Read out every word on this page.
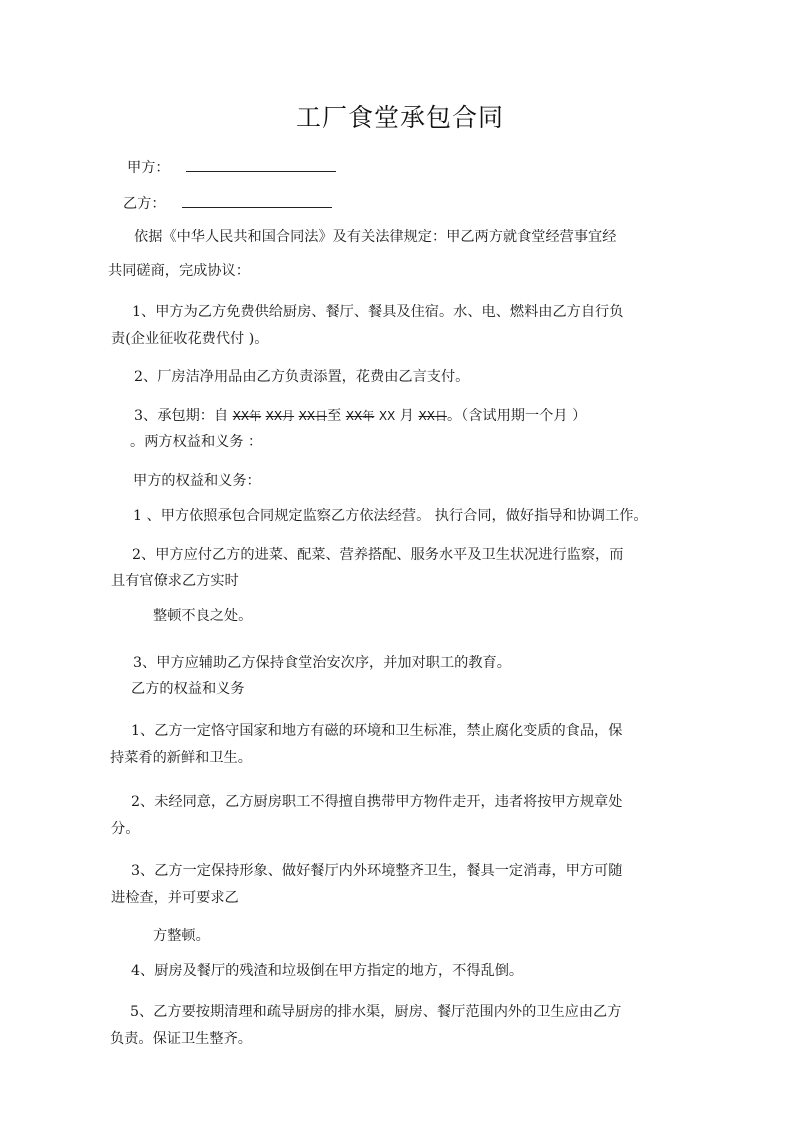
工厂食堂承包合同
甲方：
乙方：
依据《中华人民共和国合同法》及有关法律规定：甲乙两方就食堂经营事宜经
共同磋商，完成协议：
1、甲方为乙方免费供给厨房、餐厅、餐具及住宿。水、电、燃料由乙方自行负
责(企业征收花费代付 )。
2、厂房洁净用品由乙方负责添置，花费由乙言支付。
3、承包期：自 XX年 XX月 XX日至 XX年 XX 月 XX日。（含试用期一个月 ）
。两方权益和义务 ：
甲方的权益和义务：
1 、甲方依照承包合同规定监察乙方依法经营。 执行合同，做好指导和协调工作。
2、甲方应付乙方的进菜、配菜、营养搭配、服务水平及卫生状况进行监察，而
且有官僚求乙方实时
整顿不良之处。
3、甲方应辅助乙方保持食堂治安次序，并加对职工的教育。
乙方的权益和义务
1、乙方一定恪守国家和地方有磁的环境和卫生标准，禁止腐化变质的食品，保
持菜肴的新鲜和卫生。
2、未经同意，乙方厨房职工不得擅自携带甲方物件走开，违者将按甲方规章处
分。
3、乙方一定保持形象、做好餐厅内外环境整齐卫生，餐具一定消毒，甲方可随
进检查，并可要求乙
方整顿。
4、厨房及餐厅的残渣和垃圾倒在甲方指定的地方，不得乱倒。
5、乙方要按期清理和疏导厨房的排水渠，厨房、餐厅范围内外的卫生应由乙方
负责。保证卫生整齐。
